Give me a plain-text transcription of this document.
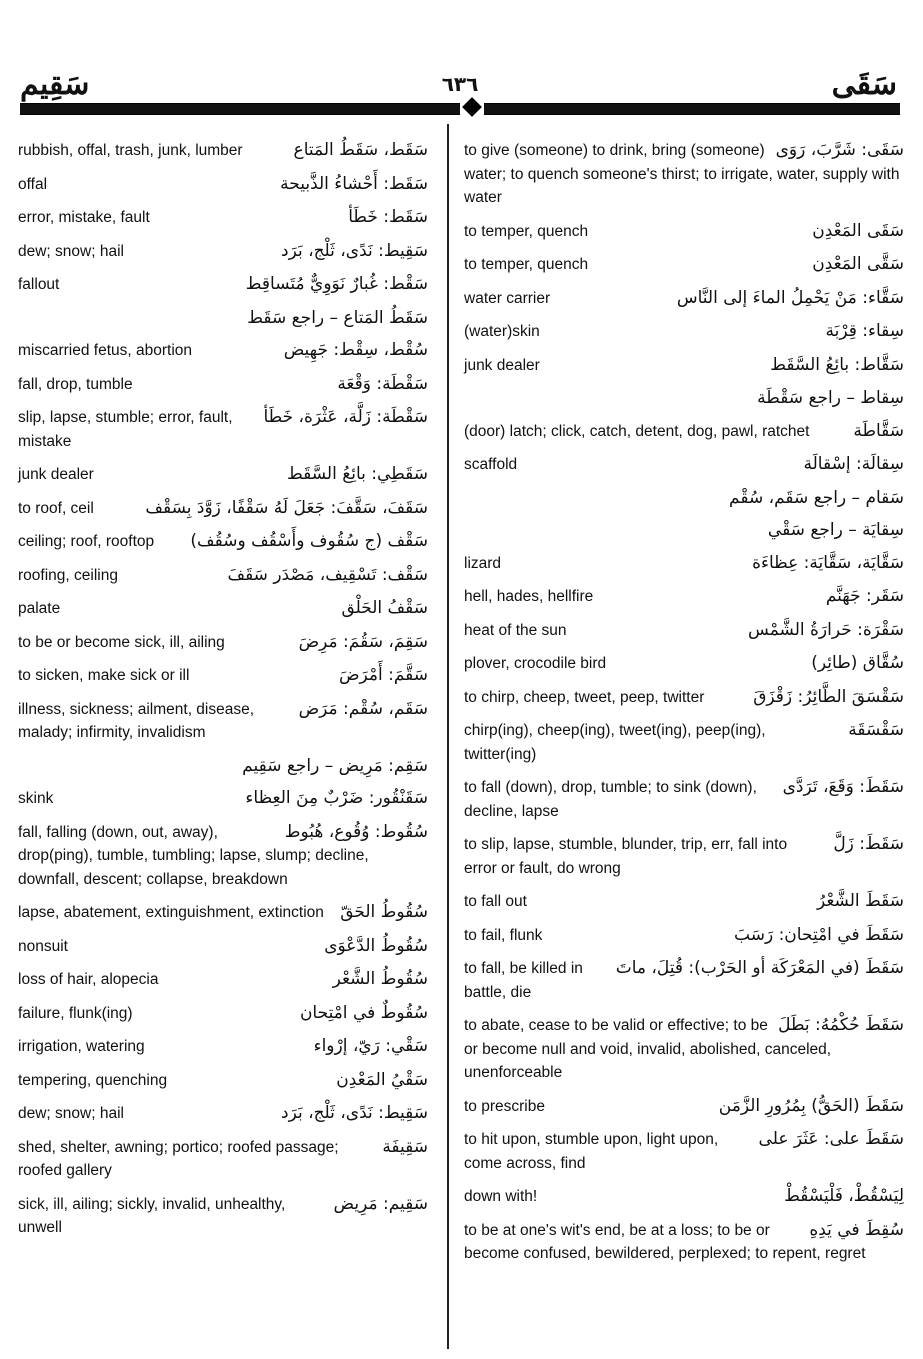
سَقِيم	٦٣٦	سَقَى
سَقَط، سَقَطُ المَتاع
rubbish, offal, trash, junk, lumber
سَقَط: أَحْشاءُ الذَّبيحة
offal
سَقَط: خَطَأ
error, mistake, fault
سَقِيط: نَدًى، ثَلْج، بَرَد
dew; snow; hail
سَقْط: غُبارٌ نَوَوِيٌّ مُتَساقِط
fallout
سَقَطُ المَتاع – راجع سَقَط
سُقْط، سِقْط: جَهِيض
miscarried fetus, abortion
سَقْطَة: وَقْعَة
fall, drop, tumble
سَقْطَة: زَلَّة، عَثْرَة، خَطَأ
slip, lapse, stumble; error, fault, mistake
سَقَطِي: بائِعُ السَّقَط
junk dealer
سَقَفَ، سَقَّفَ: جَعَلَ لَهُ سَقْفًا، زَوَّدَ بِسَقْف
to roof, ceil
سَقْف (ج سُقُوف وأَسْقُف وسُقُف)
ceiling; roof, rooftop
سَقْف: تَسْقِيف، مَصْدَر سَقَفَ
roofing, ceiling
سَقْفُ الحَلْق
palate
سَقِمَ، سَقُمَ: مَرِضَ
to be or become sick, ill, ailing
سَقَّمَ: أَمْرَضَ
to sicken, make sick or ill
سَقَم، سُقْم: مَرَض
illness, sickness; ailment, disease, malady; infirmity, invalidism
سَقِم: مَرِيض – راجع سَقِيم
سَقَنْقُور: ضَرْبٌ مِنَ العِظاء
skink
سُقُوط: وُقُوع، هُبُوط
fall, falling (down, out, away), drop(ping), tumble, tumbling; lapse, slump; decline, downfall, descent; collapse, breakdown
سُقُوطُ الحَقّ
lapse, abatement, extinguishment, extinction
سُقُوطُ الدَّعْوَى
nonsuit
سُقُوطُ الشَّعْر
loss of hair, alopecia
سُقُوطٌ في امْتِحان
failure, flunk(ing)
سَقْي: رَيّ، إرْواء
irrigation, watering
سَقْيُ المَعْدِن
tempering, quenching
سَقِيط: نَدًى، ثَلْج، بَرَد
dew; snow; hail
سَقِيفَة
shed, shelter, awning; portico; roofed passage; roofed gallery
سَقِيم: مَرِيض
sick, ill, ailing; sickly, invalid, unhealthy, unwell
سَقَى: شَرَّبَ، رَوَى
to give (someone) to drink, bring (someone) water; to quench someone's thirst; to irrigate, water, supply with water
سَقَى المَعْدِن
to temper, quench
سَقَّى المَعْدِن
to temper, quench
سَقَّاء: مَنْ يَحْمِلُ الماءَ إلى النَّاس
water carrier
سِقاء: قِرْبَة
(water)skin
سَقَّاط: بائِعُ السَّقَط
junk dealer
سِقاط – راجع سَقْطَة
سَقَّاطَة
(door) latch; click, catch, detent, dog, pawl, ratchet
سِقالَة: إسْقالَة
scaffold
سَقام – راجع سَقَم، سُقْم
سِقايَة – راجع سَقْي
سَقَّايَة، سَقَّايَة: عِظاءَة
lizard
سَقَر: جَهَنَّم
hell, hades, hellfire
سَقْرَة: حَرارَةُ الشَّمْس
heat of the sun
سُقَّاق (طائِر)
plover, crocodile bird
سَقْسَقَ الطَّائِرُ: زَقْزَقَ
to chirp, cheep, tweet, peep, twitter
سَقْسَقَة
chirp(ing), cheep(ing), tweet(ing), peep(ing), twitter(ing)
سَقَطَ: وَقَعَ، تَرَدَّى
to fall (down), drop, tumble; to sink (down), decline, lapse
سَقَطَ: زَلَّ
to slip, lapse, stumble, blunder, trip, err, fall into error or fault, do wrong
سَقَطَ الشَّعْرُ
to fall out
سَقَطَ في امْتِحان: رَسَبَ
to fail, flunk
سَقَطَ (في المَعْرَكَة أو الحَرْب): قُتِلَ، ماتَ
to fall, be killed in battle, die
سَقَطَ حُكْمُهُ: بَطَلَ
to abate, cease to be valid or effective; to be or become null and void, invalid, abolished, canceled, unenforceable
سَقَطَ (الحَقُّ) بِمُرُورِ الزَّمَن
to prescribe
سَقَطَ على: عَثَرَ على
to hit upon, stumble upon, light upon, come across, find
لِيَسْقُطْ، فَلْيَسْقُطْ
down with!
سُقِطَ في يَدِهِ
to be at one's wit's end, be at a loss; to be or become confused, bewildered, perplexed; to repent, regret
